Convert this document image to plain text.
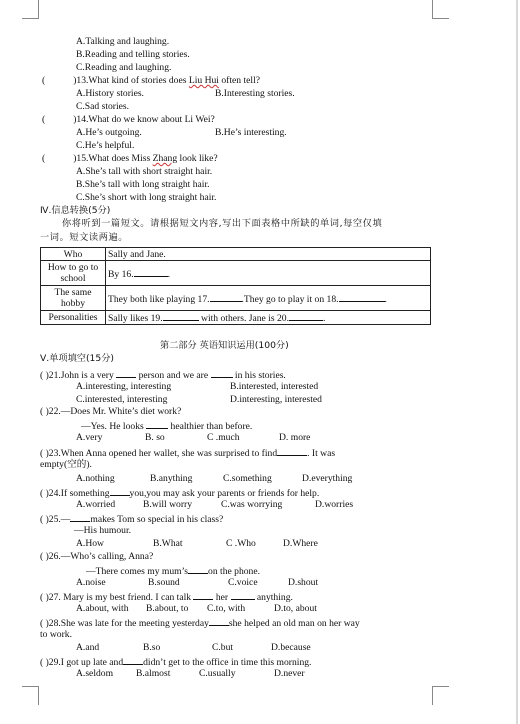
A.Talking and laughing.
B.Reading and telling stories.
C.Reading and laughing.
(	)13.What kind of stories does Liu Hui often tell?
A.History stories.	B.Interesting stories.
C.Sad stories.
(	)14.What do we know about Li Wei?
A.He’s outgoing.	B.He’s interesting.
C.He’s helpful.
(	)15.What does Miss Zhang look like?
A.She’s tall with short straight hair.
B.She’s tall with long straight hair.
C.She’s short with long straight hair.
Ⅳ.信息转换(5分)
你将听到一篇短文。请根据短文内容,写出下面表格中所缺的单词,每空仅填
一词。短文读两遍。
Who	Sally and Jane.
How to go to school	By 16. .
The same hobby	They both like playing 17. .They go to play it on 18. .
Personalities	Sally likes 19. with others. Jane is 20. .
第二部分 英语知识运用(100分)
Ⅴ.单项填空(15分)
( )21.John is a very  person and we are  in his stories.
A.interesting, interesting	B.interested, interested
C.interested, interesting	D.interesting, interested
( )22.—Does Mr. White’s diet work?
—Yes. He looks  healthier than before.
A.very	B. so	C .much	D. more
( )23.When Anna opened her wallet, she was surprised to find	. It was
empty(空的).
A.nothing	B.anything	C.something	D.everything
( )24.If something you,you may ask your parents or friends for help.
A.worried	B.will worry	C.was worrying	D.worries
( )25.— makes Tom so special in his class?
—His humour.
A.How	B.What	C .Who	D.Where
( )26.—Who’s calling, Anna?
—There comes my mum’s on the phone.
A.noise	B.sound	C.voice	D.shout
( )27. Mary is my best friend. I can talk  her	anything.
A.about, with B.about, to C.to, with	D.to, about
( )28.She was late for the meeting yesterday she helped an old man on her way
to work.
A.and	B.so	C.but	D.because
( )29.I got up late and didn’t get to the office in time this morning.
A.seldom B.almost	C.usually	D.never
